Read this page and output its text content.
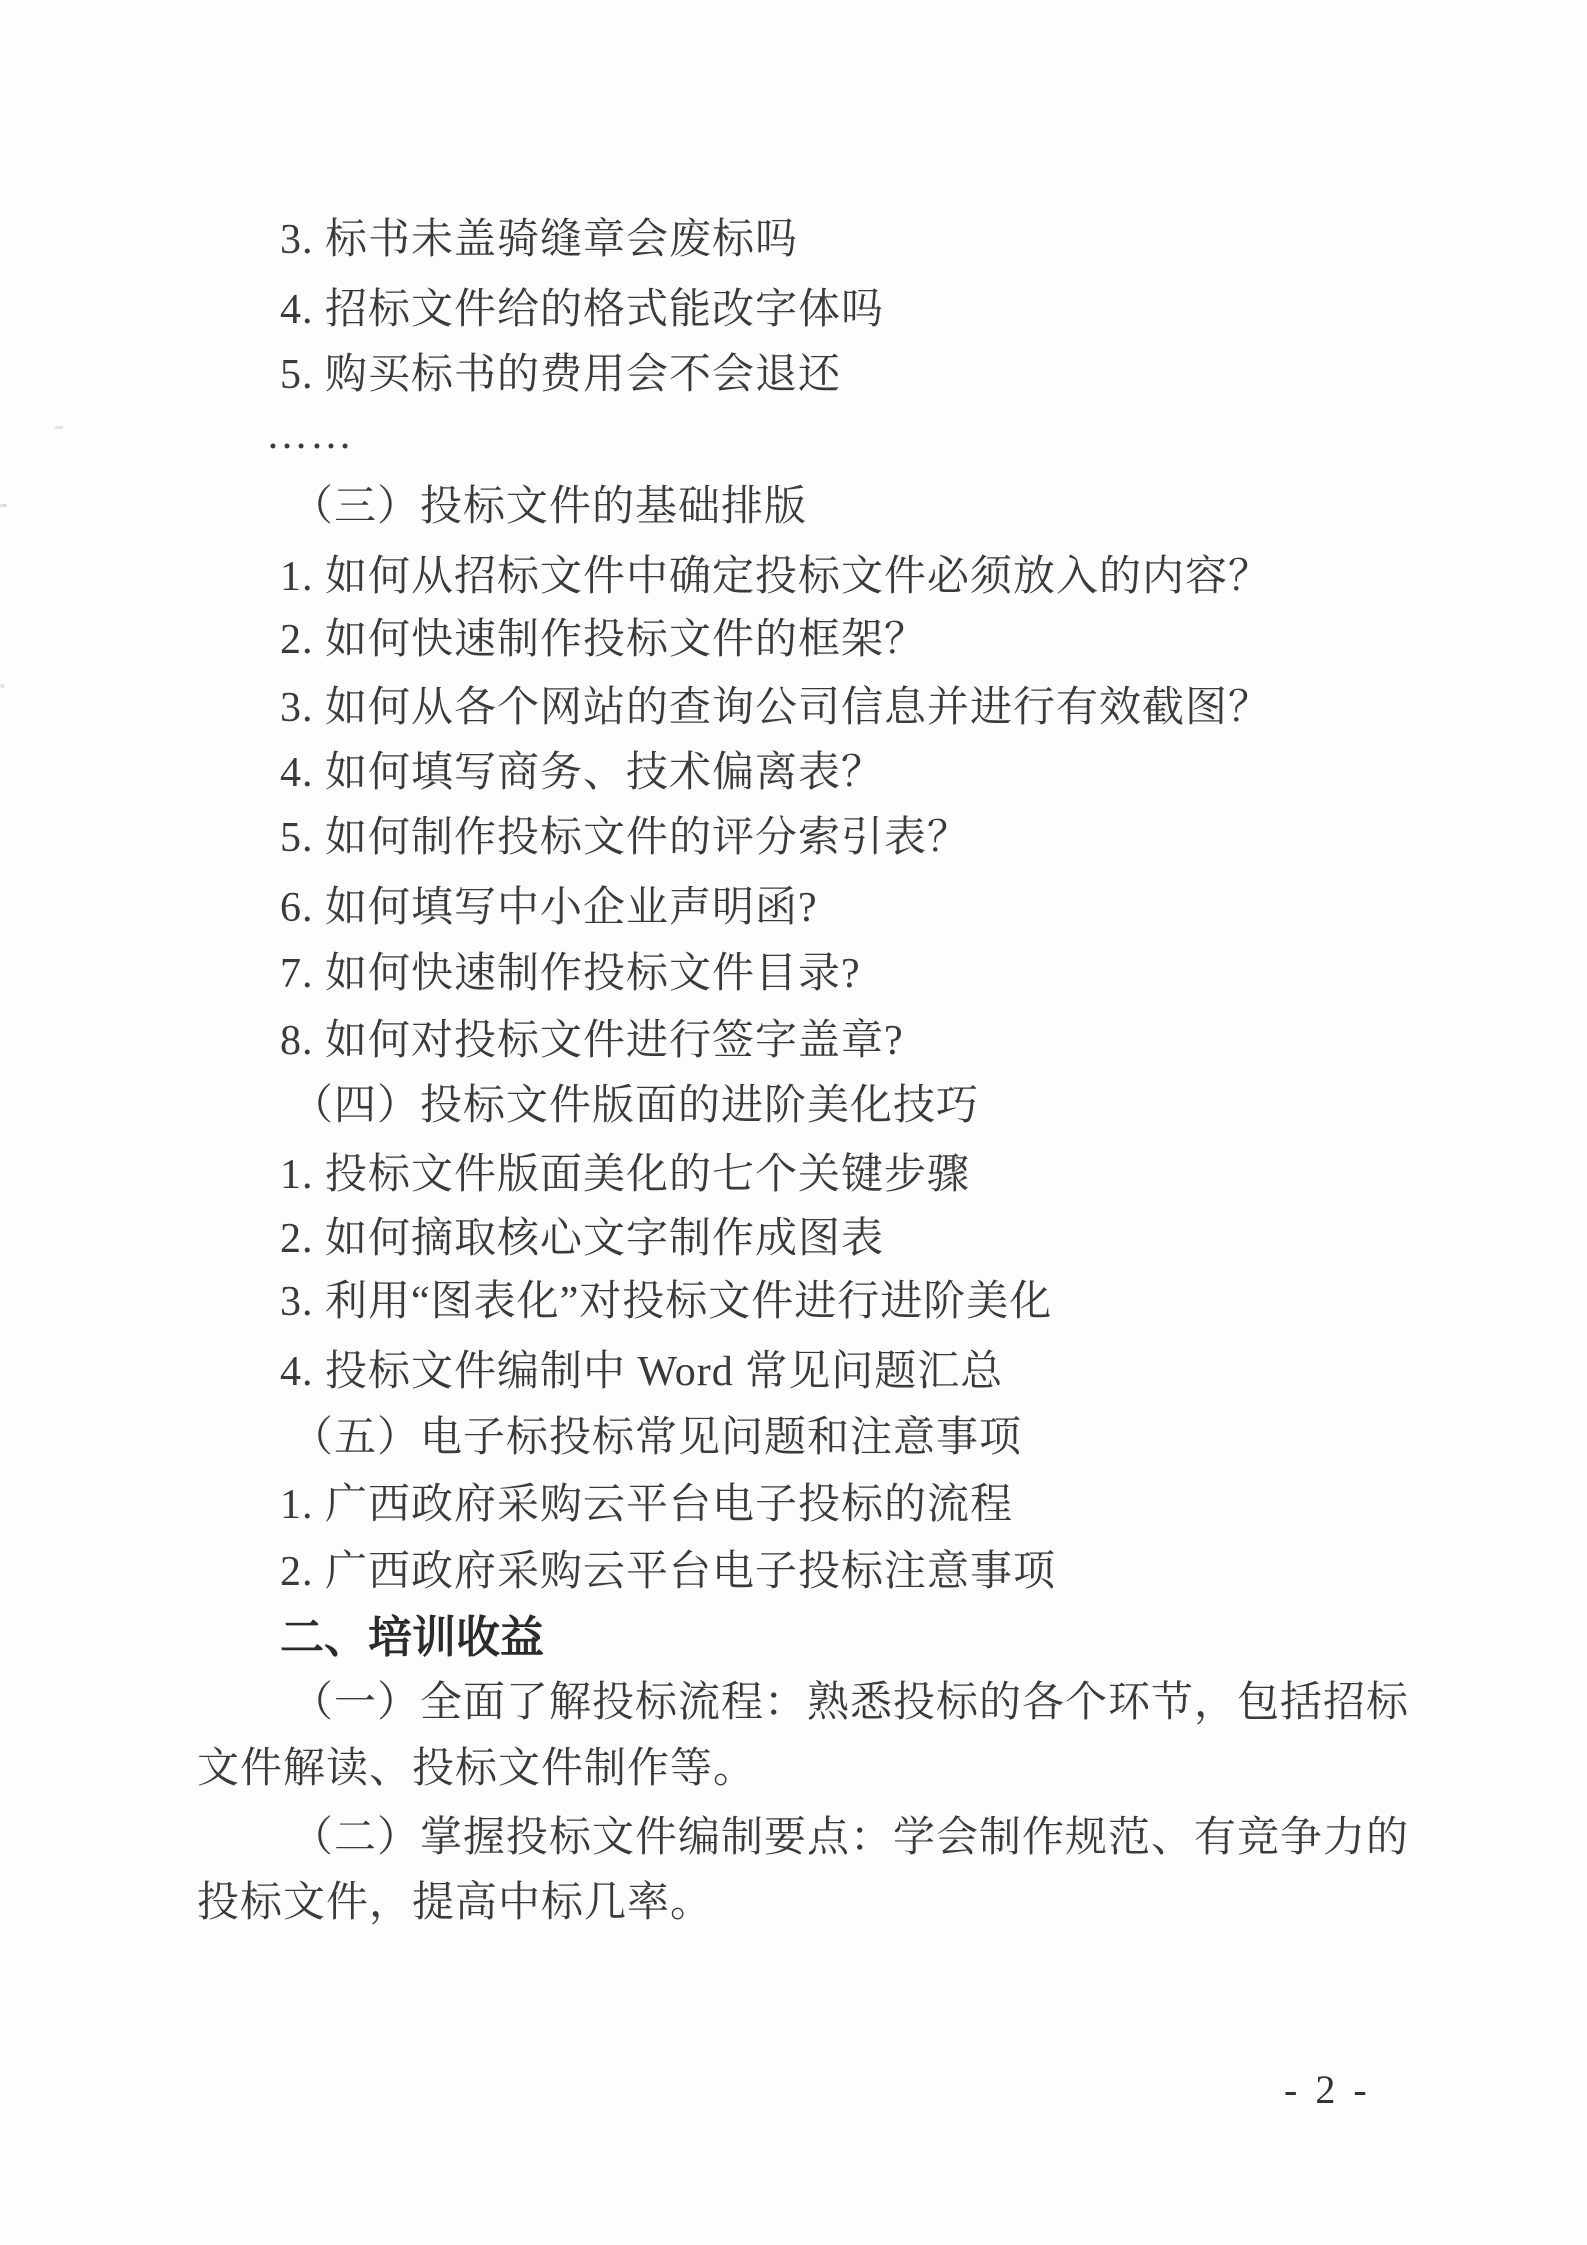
3. 标书未盖骑缝章会废标吗
4. 招标文件给的格式能改字体吗
5. 购买标书的费用会不会退还
……
（三）投标文件的基础排版
1. 如何从招标文件中确定投标文件必须放入的内容？
2. 如何快速制作投标文件的框架？
3. 如何从各个网站的查询公司信息并进行有效截图？
4. 如何填写商务、技术偏离表？
5. 如何制作投标文件的评分索引表？
6. 如何填写中小企业声明函?
7. 如何快速制作投标文件目录?
8. 如何对投标文件进行签字盖章?
（四）投标文件版面的进阶美化技巧
1. 投标文件版面美化的七个关键步骤
2. 如何摘取核心文字制作成图表
3. 利用“图表化”对投标文件进行进阶美化
4. 投标文件编制中 Word 常见问题汇总
（五）电子标投标常见问题和注意事项
1. 广西政府采购云平台电子投标的流程
2. 广西政府采购云平台电子投标注意事项
二、培训收益
（一）全面了解投标流程：熟悉投标的各个环节，包括招标
文件解读、投标文件制作等。
（二）掌握投标文件编制要点：学会制作规范、有竞争力的
投标文件，提高中标几率。
- 2 -
